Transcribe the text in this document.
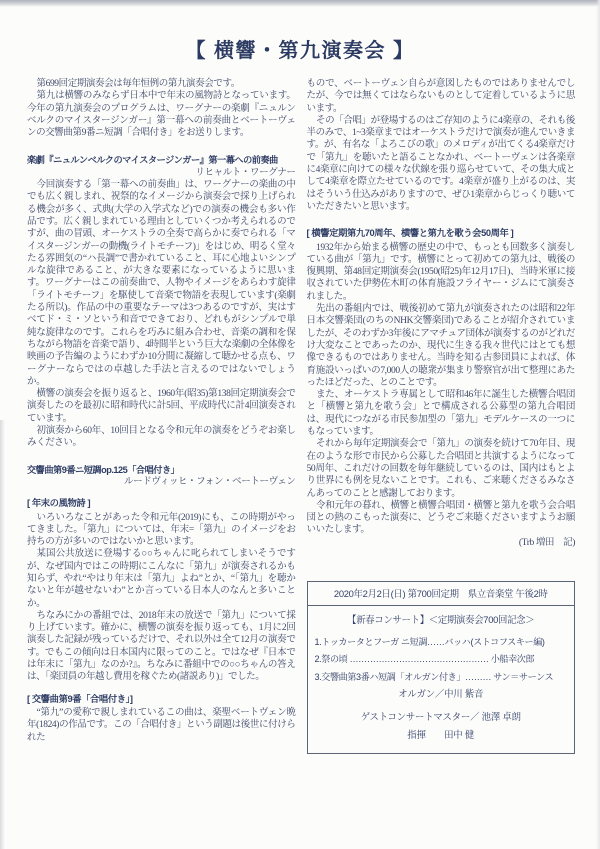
【 横響・第九演奏会 】

第699回定期演奏会は毎年恒例の第九演奏会です。

第九は横響のみならず日本中で年末の風物詩となっています。今年の第九演奏会のプログラムは、ワーグナーの楽劇『ニュルンベルクのマイスタージンガー』第一幕への前奏曲とベートーヴェンの交響曲第9番ニ短調「合唱付き」をお送りします。

楽劇『ニュルンベルクのマイスタージンガー』第一幕への前奏曲

リヒャルト・ワーグナー

今回演奏する「第一幕への前奏曲」は、ワーグナーの楽曲の中でも広く親しまれ、祝祭的なイメージから演奏会で採り上げられる機会が多く、式典(大学の入学式など)での演奏の機会も多い作品です。広く親しまれている理由としていくつか考えられるのですが、曲の冒頭、オーケストラの全奏で高らかに奏でられる「マイスタージンガーの動機(ライトモチーフ)」をはじめ、明るく堂々たる雰囲気の“ハ長調”で書かれていること、耳に心地よいシンプルな旋律であること、が大きな要素になっているように思います。ワーグナーはこの前奏曲で、人物やイメージをあらわす旋律「ライトモチーフ」を駆使して音楽で物語を表現しています(楽劇たる所以)。作品の中の重要なテーマは3つあるのですが、実はすべてド・ミ・ソという和音でできており、どれもがシンプルで単純な旋律なのです。これらを巧みに組み合わせ、音楽の調和を保ちながら物語を音楽で語り、4時間半という巨大な楽劇の全体像を映画の予告編のようにわずか10分間に凝縮して聴かせる点も、ワーグナーならではの卓越した手法と言えるのではないでしょうか。

横響の演奏会を振り返ると、1960年(昭35)第138回定期演奏会で演奏したのを最初に昭和時代に計5回、平成時代に計4回演奏されています。

初演奏から60年、10回目となる令和元年の演奏をどうぞお楽しみください。

交響曲第9番ニ短調op.125「合唱付き」

ルードヴィッヒ・フォン・ベートーヴェン

[ 年末の風物詩 ]

いろいろなことがあった令和元年(2019)にも、この時期がやってきました。「第九」については、年末=「第九」のイメージをお持ちの方が多いのではないかと思います。

某国公共放送に登場する○○ちゃんに叱られてしまいそうですが、なぜ国内ではこの時期にこんなに「第九」が演奏されるかも知らず、やれ“やはり年末は「第九」よね”とか、“「第九」を聴かないと年が越せないわ”とか言っている日本人のなんと多いことか。

ちなみにかの番組では、2018年末の放送で「第九」について採り上げています。確かに、横響の演奏を振り返っても、1月に2回演奏した記録が残っているだけで、それ以外は全て12月の演奏です。でもこの傾向は日本国内に限ってのこと。ではなぜ『日本では年末に「第九」なのか?』。ちなみに番組中での○○ちゃんの答えは、「楽団員の年越し費用を稼ぐため(諸説あり)」でした。

[ 交響曲第9番「合唱付き」]

“第九”の愛称で親しまれているこの曲は、楽聖ベートヴェン晩年(1824)の作品です。この「合唱付き」という副題は後世に付けられた

もので、ベートーヴェン自らが意図したものではありませんでしたが、今では無くてはならないものとして定着しているように思います。

その「合唱」が登場するのはご存知のように4楽章の、それも後半のみで、1~3楽章まではオーケストラだけで演奏が進んでいきます。が、有名な「よろこびの歌」のメロディが出てくる4楽章だけで「第九」を聴いたと語ることなかれ、ベートーヴェンは各楽章に4楽章に向けての様々な伏線を張り巡らせていて、その集大成として4楽章を際立たせているのです。4楽章が盛り上がるのは、実はそういう仕込みがありますので、ぜひ1楽章からじっくり聴いていただきたいと思います。

[ 横響定期第九70周年、横響と第九を歌う会50周年 ]

1932年から始まる横響の歴史の中で、もっとも回数多く演奏している曲が「第九」です。横響にとって初めての第九は、戦後の復興期、第48回定期演奏会(1950(昭25)年12月17日)、当時米軍に接収されていた伊勢佐木町の体育施設フライヤー・ジムにて演奏されました。

先出の番組内では、戦後初めて第九が演奏されたのは昭和22年日本交響楽団(のちのNHK交響楽団)であることが紹介されていましたが、そのわずか3年後にアマチュア団体が演奏するのがどれだけ大変なことであったのか、現代に生きる我々世代にはとても想像できるものではありません。当時を知る古参団員によれば、体育施設いっぱいの7,000人の聴衆が集まり警察官が出て整理にあたったほどだった、とのことです。

また、オーケストラ専属として昭和46年に誕生した横響合唱団と「横響と第九を歌う会」とで構成される公募型の第九合唱団は、現代につながる市民参加型の「第九」モデルケースの一つにもなっています。

それから毎年定期演奏会で「第九」の演奏を続けて70年目、現在のような形で市民から公募した合唱団と共演するようになって50周年、これだけの回数を毎年継続しているのは、国内はもとより世界にも例を見ないことです。これも、ご来聴くださるみなさんあってのことと感謝しております。

令和元年の暮れ、横響と横響合唱団・横響と第九を歌う会合唱団との熱のこもった演奏に、どうぞご来聴くださいますようお願いいたします。

(Trb 増田　記)

2020年2月2日(日) 第700回定期　県立音楽堂 午後2時
【新春コンサート】＜定期演奏会700回記念＞
1.トッカータとフーガ ニ短調……バッハ(ストコフスキー編)
2.祭の頃 ………………………………………… 小船幸次郎
3.交響曲第3番ハ短調「オルガン付き」……… サン＝サーンス
オルガン／中川 紫音
ゲストコンサートマスター／ 池澤 卓朗
指揮　　田中 健
